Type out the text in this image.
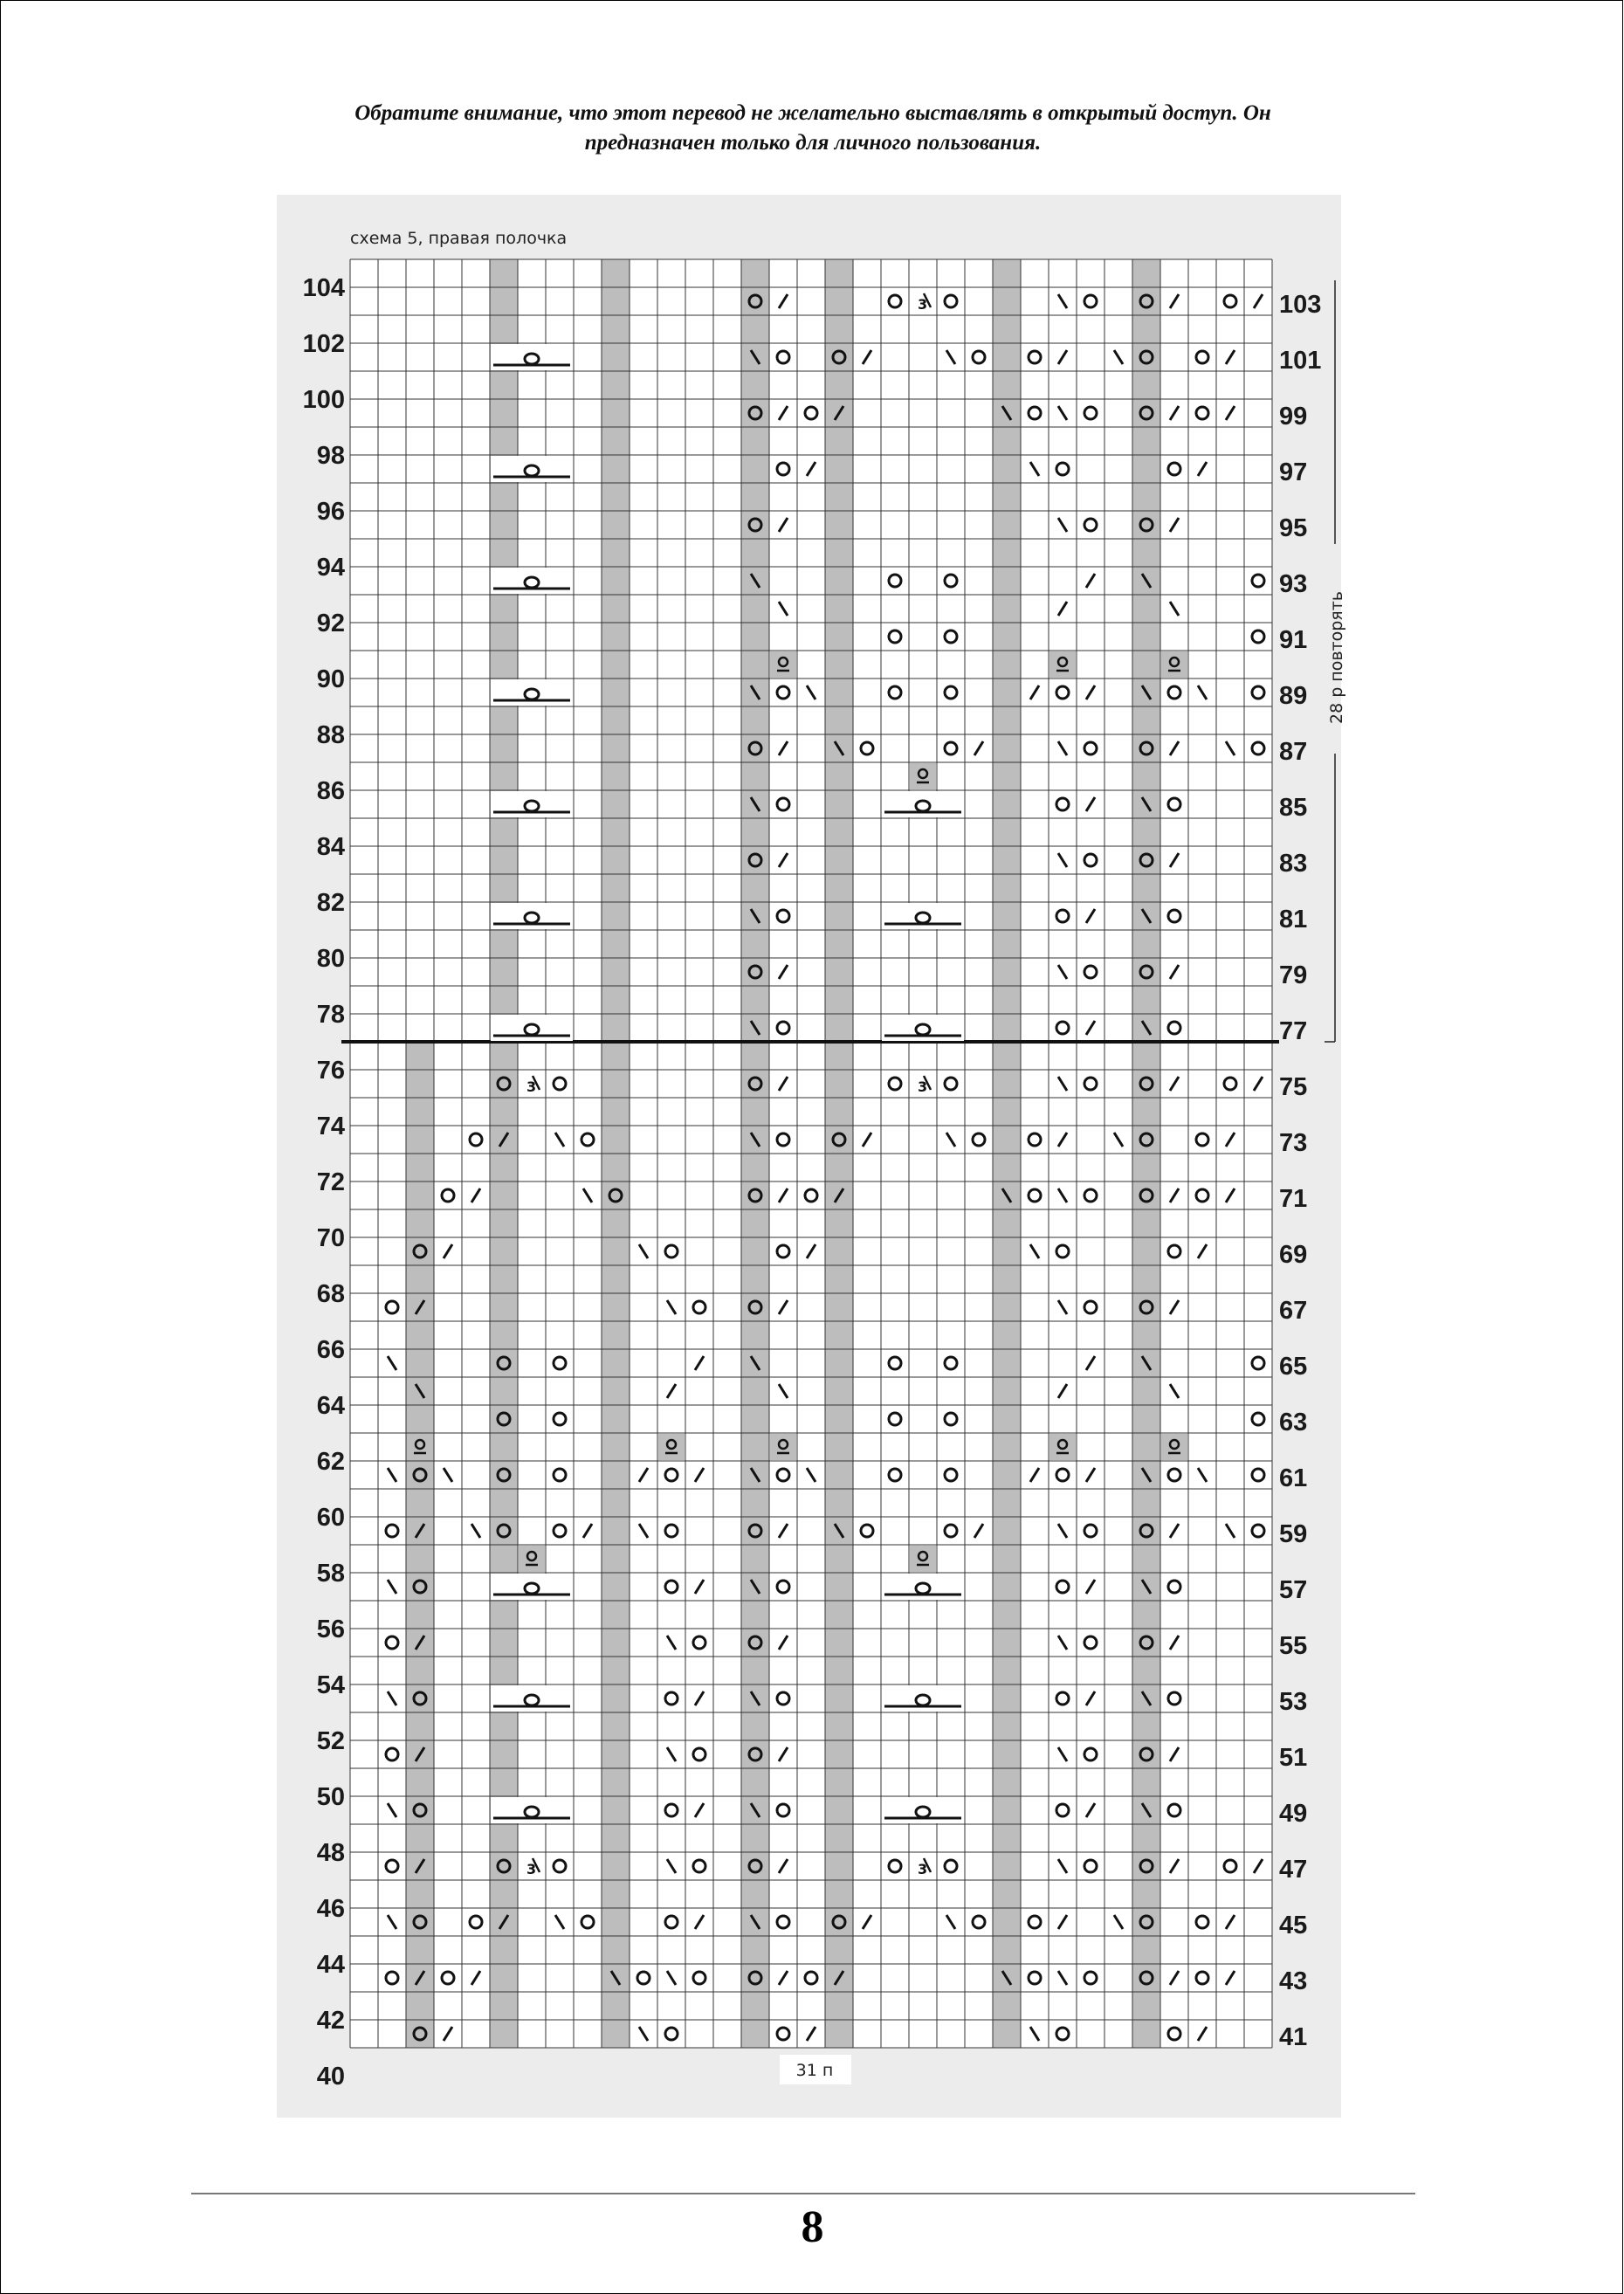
Обратите внимание, что этот перевод не желательно выставлять в открытый доступ. Он
предназначен только для личного пользования.
схема 5, правая полочка
104
102
100
98
96
94
92
90
88
86
84
82
80
78
76
74
72
70
68
66
64
62
60
58
56
54
52
50
48
46
44
42
40
103
101
99
97
95
93
91
89
87
85
83
81
79
77
75
73
71
69
67
65
63
61
59
57
55
53
51
49
47
45
43
41
28 р повторять
31 п
3
3	3
3	3
8
